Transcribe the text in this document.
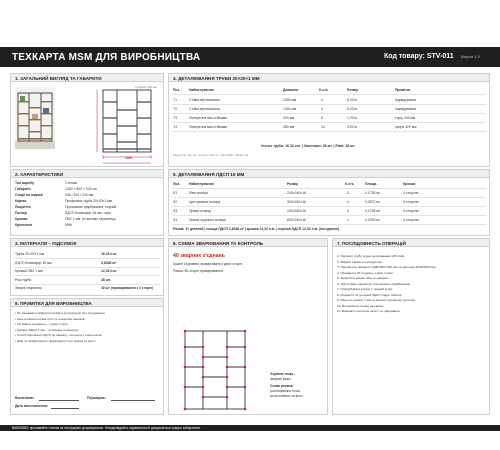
ТЕХКАРТА MSM ДЛЯ ВИРОБНИЦТВА	Код товару: STV-011 Версія 1.0
1. ЗАГАЛЬНИЙ ВИГЛЯД ТА ГАБАРИТИ
Глибина: 240 мм
1000
4. ДЕТАЛЮВАННЯ ТРУБИ 20×20×1 ММ
Поз.	Найменування	Довжина	К-сть	Розмір	Примітка
Т1	Стійка вертикальна	1300 мм	4	5,20 м	підпидування
Т2	Стійка вертикальна	1300 мм	4	5,20 м	підпидування
Т3	Поперечна між стійками	200 мм	6	1,20 м	торці 240 мм
Т4	Поперечна між стійками	280 мм	14	3,92 м	сукупі 320 мм
Усього труби: 16,32 п.м. | Заготовок: 28 шт. | Різів: 28 шт.
Контроль: 4×1,3 + 4×1,3 + 6×0,2 + 14×0,28 = 16,32 п.м.
2. ХАРАКТЕРИСТИКИ
Тип виробу	Стелаж
Габарити	1300 × 800 × 240 см
Секції по ширині	240 / 320 / 240 мм
Каркас	Профільна труба 20×20×1 мм
Покриття	Порошкове фарбування, чорний
Полиці	ЛДСП Кловафор 16 мм, горіх
Кромка	ПВХ 1 мм, по всьому периметру
Кріплення	МФК
5. ДЕТАЛЮВАННЯ ЛДСП 16 ММ
Поз.	Найменування	Розмір	К-сть	Площа	Кромка
Л1	Ліва полиця	240×240×16	3	0,1728 м²	4 сторони
Л2	Центральна полиця	320×240×16	4	0,3072 м²	4 сторони
Л3	Права полиця	240×240×16	3	0,1728 м²	4 сторони
Л4	Нижня суцільна полиця	800×240×16	1	0,1920 м²	4 сторони
Разом: 11 деталей | площа ЛДСП 0,8448 м² | кромка 12,32 п.м. | порізка ЛДСП 12,32 п.м. (погодинно)
3. МАТЕРІАЛИ – ПІДСУМОК
Труба 20×20×1 мм	16,32 п.м.
ЛДСП Кловафор 16 мм	0,8448 м²
Кромка ПВХ 1 мм	12,32 п.м.
Різи труби	28 шт.
Зварні з'єднання	40 шт. (проварювання з 2 сторін)
6. СХЕМА ЗВАРЮВАННЯ ТА КОНТРОЛЬ
40 зварних з'єднань
Кожне з'єднання проварювати з двох сторін.
Разом: 80 сторін проварювання.
Червона точка –
зварний вузол
Схема умовна:
розташування точок,
контролювать за фото
7. ПОСЛІДОВНІСТЬ ОПЕРАЦІЙ
1. Порізати трубу згідно деталювання (28 різів).
2. Зібрати каркас на кондукторі.
3. Перевірити габарити 1300×800×240 мм та діагоналі 1000/1000 мм.
4. Проварити 40 з'єднань з двох сторін.
5. Зачистити зварні шви та задирки.
6. Підготувати каркас до порошкового фарбування.
7. Пофарбувати каркас у чорний колір.
8. Розкроїти 11 деталей ЛДСП згідно таблиці.
9. Нанести кромку 1 мм по всьому периметру деталей.
10. Встановити полиці на каркас.
11. Виконати контроль якості та упакування.
8. ПРИМІТКИ ДЛЯ ВИРОБНИЦТВА
• Не змінювати габаритні розміри дотримуючи без погодження.
• Контролювати прямі кути та геометрію каркаса.
• Усі зварні з'єднання – з двох сторін.
• Кромка ЛДСП 1 мм – по всьому периметру.
• Спосіб кріплення ЛДСП до каркасу: погодити з технологом.
• Шов та забарвлення у відповідності до зразка та фото.
Виготовив:	Перевірив:
Дата виготовлення:
ВАЖЛИВО: прошивайте стелаж за інструкцією дотримуючись. Невідповідність параметрів не допускається суворо заборонено.
